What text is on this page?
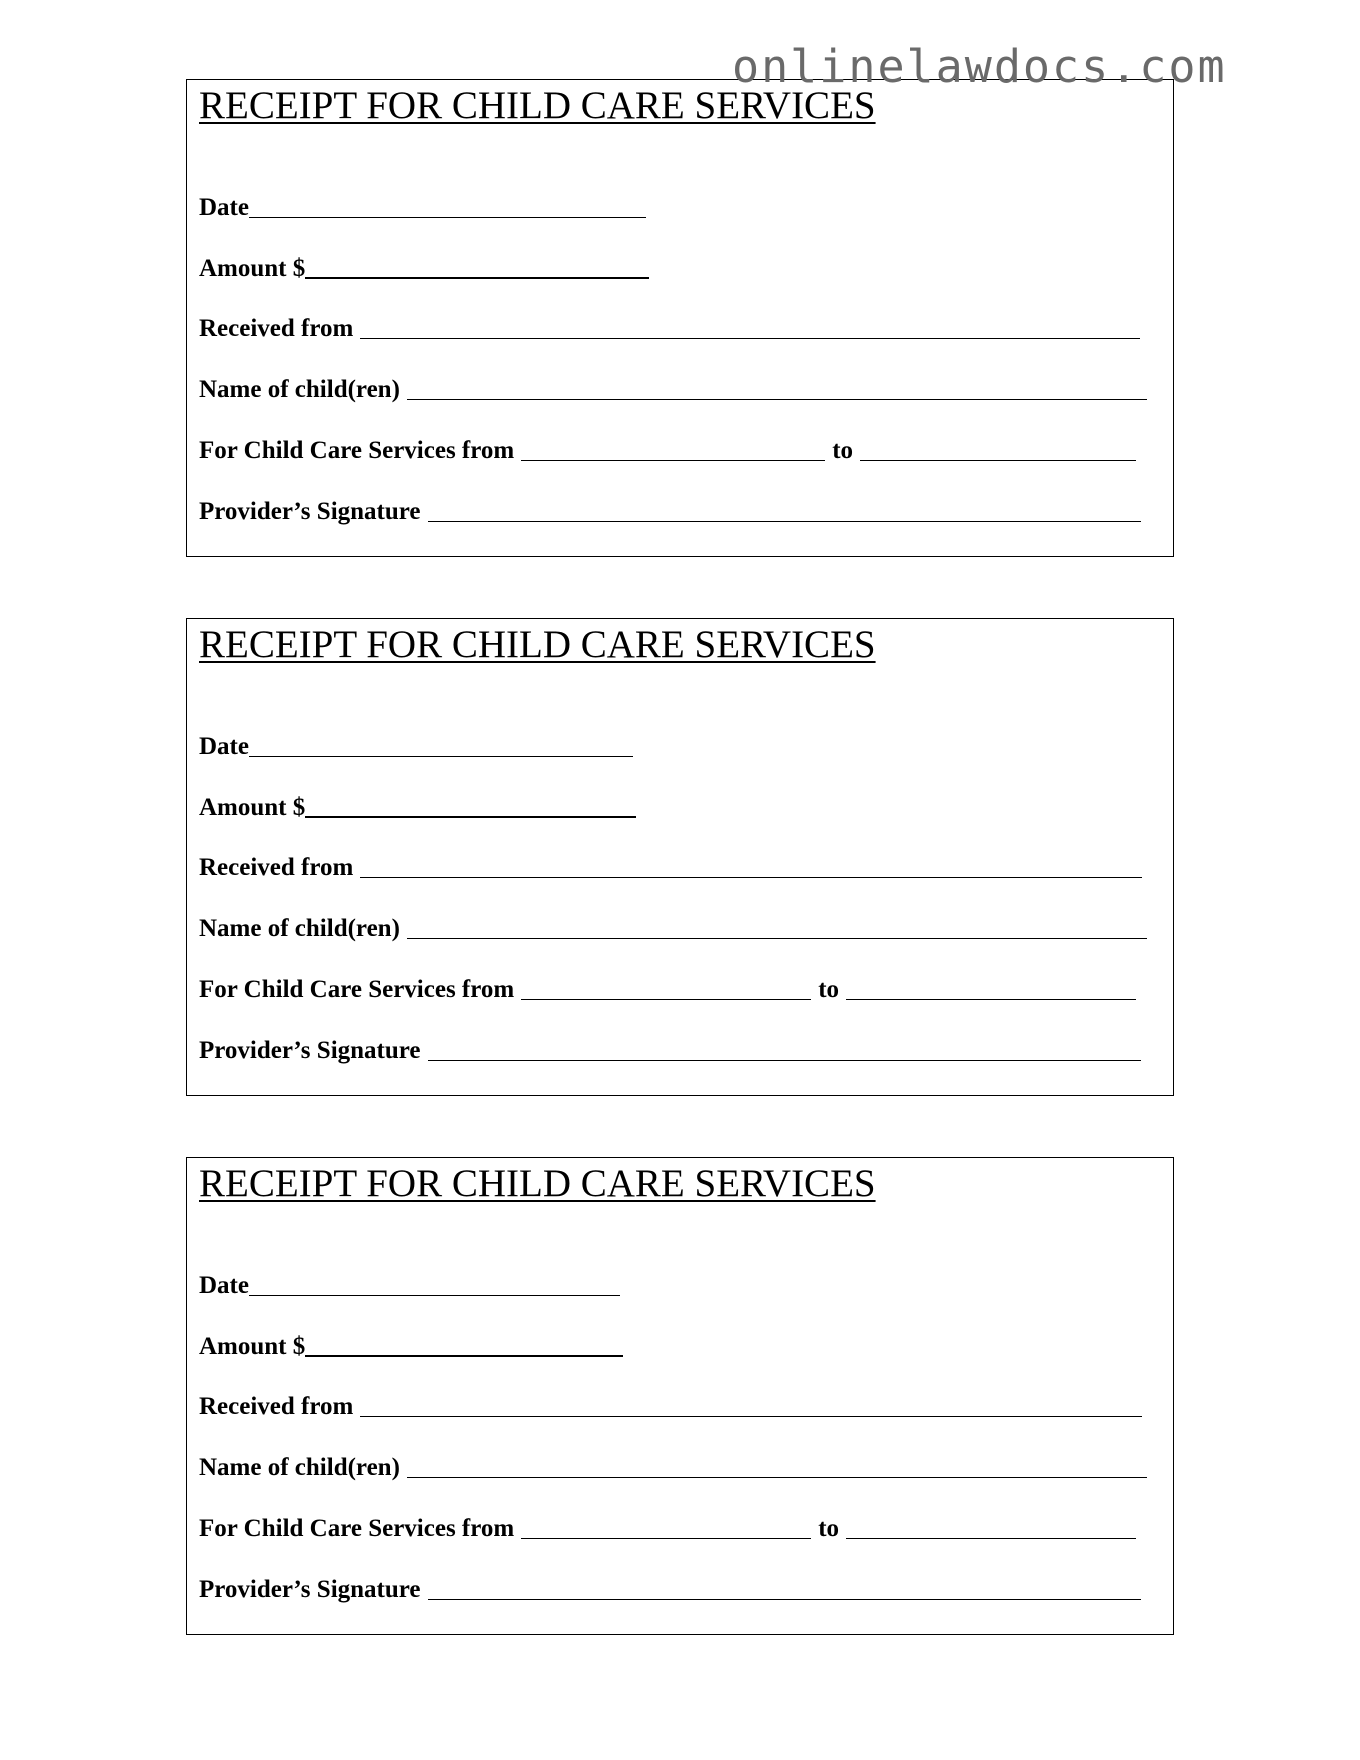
onlinelawdocs.com
RECEIPT FOR CHILD CARE SERVICES
Date
Amount $
Received from
Name of child(ren)
For Child Care Services from	to
Provider’s Signature
RECEIPT FOR CHILD CARE SERVICES
Date
Amount $
Received from
Name of child(ren)
For Child Care Services from	to
Provider’s Signature
RECEIPT FOR CHILD CARE SERVICES
Date
Amount $
Received from
Name of child(ren)
For Child Care Services from	to
Provider’s Signature
